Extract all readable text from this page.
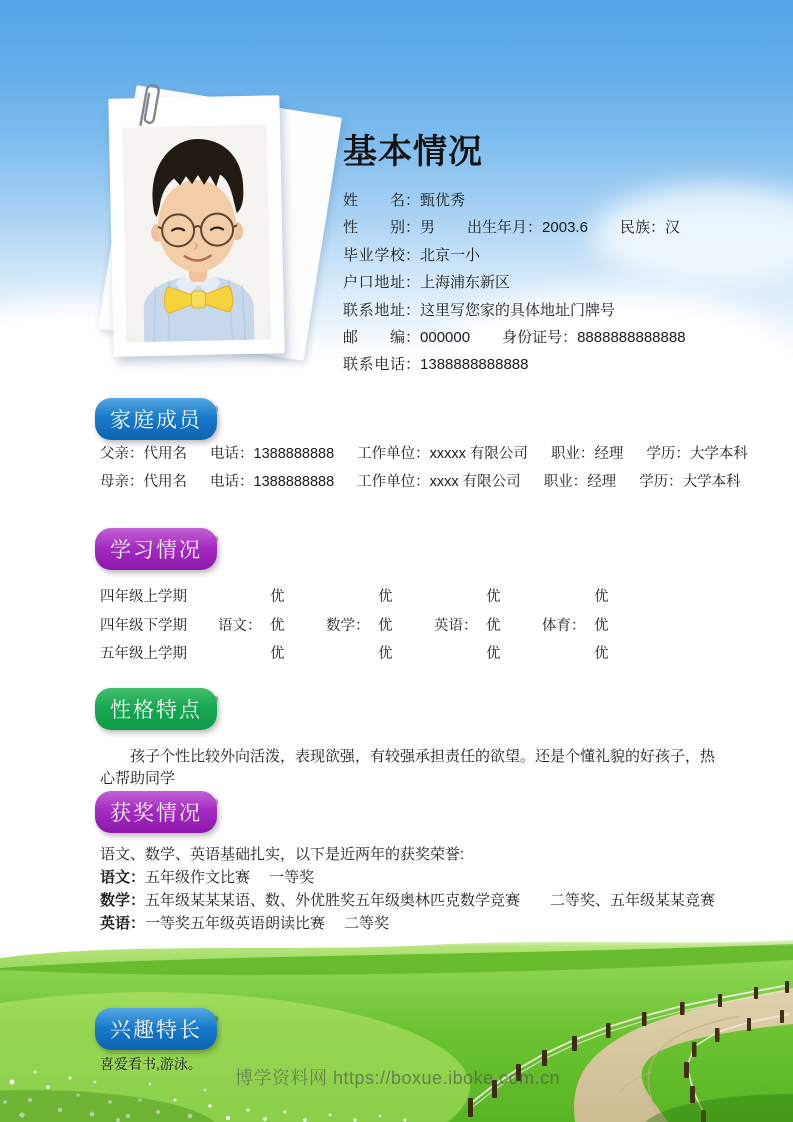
基本情况
姓名：甄优秀
性别：男 出生年月：2003.6 民族：汉
毕业学校：北京一小
户口地址：上海浦东新区
联系地址：这里写您家的具体地址门牌号
邮编：000000 身份证号：8888888888888
联系电话：1388888888888
家庭成员
父亲：代用名 电话：1388888888 工作单位：xxxxx 有限公司 职业：经理 学历：大学本科
母亲：代用名 电话：1388888888 工作单位：xxxx 有限公司 职业：经理 学历：大学本科
学习情况
四年级上学期	优	优	优	优
四年级下学期	语文： 优	数学： 优	英语： 优	体育： 优
五年级上学期	优	优	优	优
性格特点
孩子个性比较外向活泼，表现欲强，有较强承担责任的欲望。还是个懂礼貌的好孩子，热心帮助同学
获奖情况
语文、数学、英语基础扎实，以下是近两年的获奖荣誉:
语文：五年级作文比赛　 一等奖
数学：五年级某某某语、数、外优胜奖五年级奥林匹克数学竞赛　　二等奖、五年级某某竞赛
英语：一等奖五年级英语朗读比赛　 二等奖
兴趣特长
喜爱看书,游泳。
博学资料网 https://boxue.iboke.com.cn
